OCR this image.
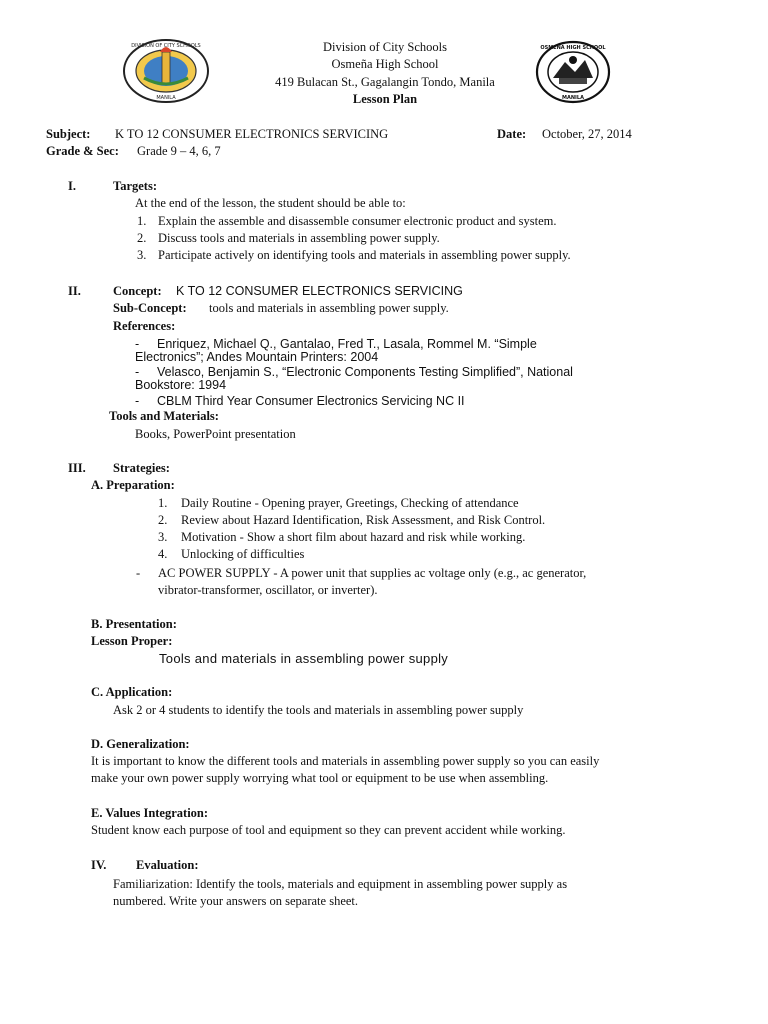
DIVISION OF CITY SCHOOLS
MANILA
OSMEÑA HIGH SCHOOL
MANILA
Division of City Schools
Osmeña High School
419 Bulacan St., Gagalangin Tondo, Manila
Lesson Plan
Subject: K TO 12 CONSUMER ELECTRONICS SERVICING	Date: October, 27, 2014
Grade & Sec: Grade 9 – 4, 6, 7
I.	Targets:
At the end of the lesson, the student should be able to:
1. Explain the assemble and disassemble consumer electronic product and system.
2. Discuss tools and materials in assembling power supply.
3. Participate actively on identifying tools and materials in assembling power supply.
II.	Concept: K TO 12 CONSUMER ELECTRONICS SERVICING
Sub-Concept: tools and materials in assembling power supply.
References:
- Enriquez, Michael Q., Gantalao, Fred T., Lasala, Rommel M. “Simple
Electronics”; Andes Mountain Printers: 2004
- Velasco, Benjamin S., “Electronic Components Testing Simplified”, National
Bookstore: 1994
- CBLM Third Year Consumer Electronics Servicing NC II
Tools and Materials:
Books, PowerPoint presentation
III. Strategies:
A. Preparation:
1. Daily Routine - Opening prayer, Greetings, Checking of attendance
2. Review about Hazard Identification, Risk Assessment, and Risk Control.
3. Motivation - Show a short film about hazard and risk while working.
4. Unlocking of difficulties
- AC POWER SUPPLY - A power unit that supplies ac voltage only (e.g., ac generator,
vibrator-transformer, oscillator, or inverter).
B. Presentation:
Lesson Proper:
Tools and materials in assembling power supply
C. Application:
Ask 2 or 4 students to identify the tools and materials in assembling power supply
D. Generalization:
It is important to know the different tools and materials in assembling power supply so you can easily
make your own power supply worrying what tool or equipment to be use when assembling.
E. Values Integration:
Student know each purpose of tool and equipment so they can prevent accident while working.
IV. Evaluation:
Familiarization: Identify the tools, materials and equipment in assembling power supply as
numbered. Write your answers on separate sheet.
